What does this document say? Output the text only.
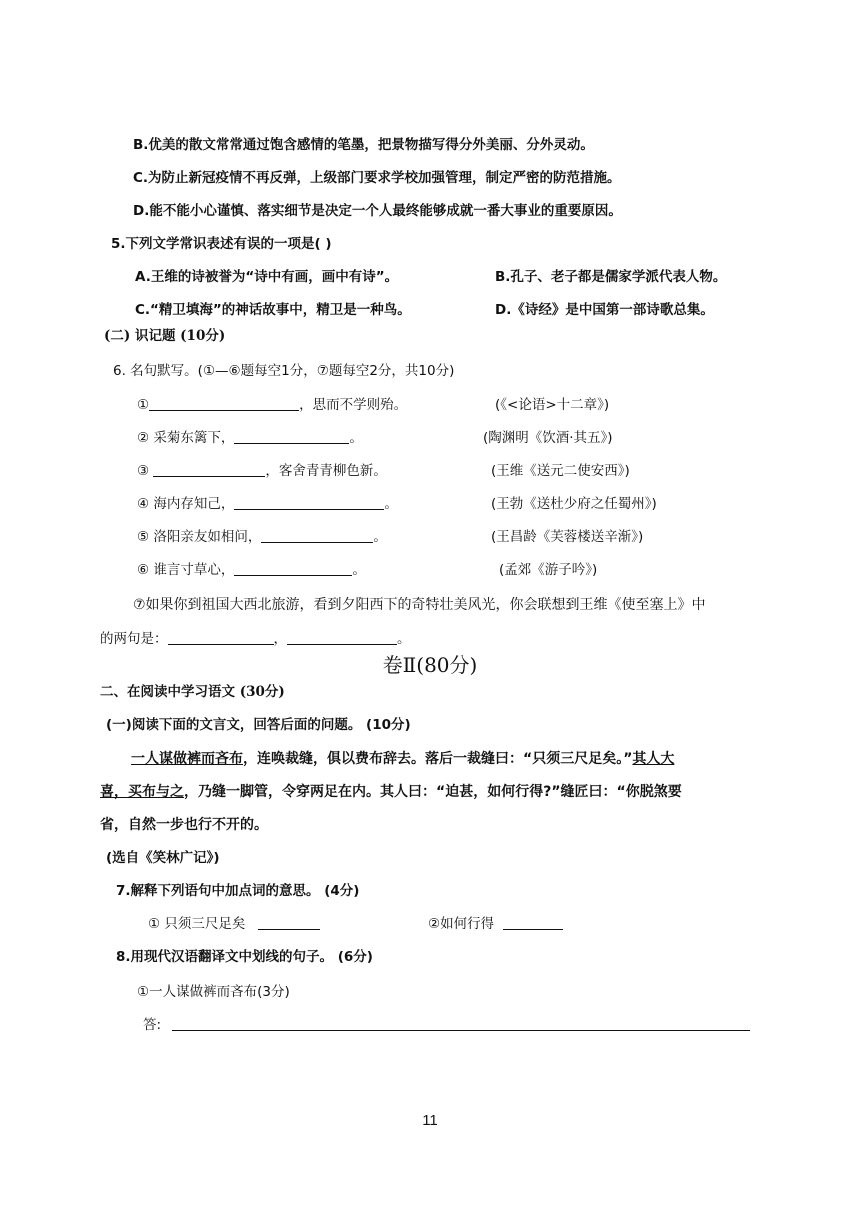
B.优美的散文常常通过饱含感情的笔墨，把景物描写得分外美丽、分外灵动。
C.为防止新冠疫情不再反弹，上级部门要求学校加强管理，制定严密的防范措施。
D.能不能小心谨慎、落实细节是决定一个人最终能够成就一番大事业的重要原因。
5.下列文学常识表述有误的一项是( )
A.王维的诗被誉为“诗中有画，画中有诗”。	B.孔子、老子都是儒家学派代表人物。
C.“精卫填海”的神话故事中，精卫是一种鸟。	D.《诗经》是中国第一部诗歌总集。
(二) 识记题 (10分)
6. 名句默写。(①—⑥题每空1分，⑦题每空2分，共10分)
①	，思而不学则殆。	(《<论语>十二章》)
② 采菊东篱下，	。	(陶渊明《饮酒·其五》)
③	，客舍青青柳色新。	(王维《送元二使安西》)
④ 海内存知己，	。	(王勃《送杜少府之任蜀州》)
⑤ 洛阳亲友如相问，	。	(王昌龄《芙蓉楼送辛渐》)
⑥ 谁言寸草心，	。	(孟郊《游子吟》)
⑦如果你到祖国大西北旅游，看到夕阳西下的奇特壮美风光，你会联想到王维《使至塞上》中
的两句是：	，	。
卷Ⅱ(80分)
二、在阅读中学习语文 (30分)
(一)阅读下面的文言文，回答后面的问题。 (10分)
一人谋做裤而吝布，连唤裁缝，俱以费布辞去。落后一裁缝曰：“只须三尺足矣。”其人大
喜，买布与之，乃缝一脚管，令穿两足在内。其人曰：“迫甚，如何行得?”缝匠曰：“你脱煞要
省，自然一步也行不开的。
(选自《笑林广记》)
7.解释下列语句中加点词的意思。 (4分)
① 只须三尺足矣	②如何行得
8.用现代汉语翻译文中划线的句子。 (6分)
①一人谋做裤而吝布(3分)
答:
11
